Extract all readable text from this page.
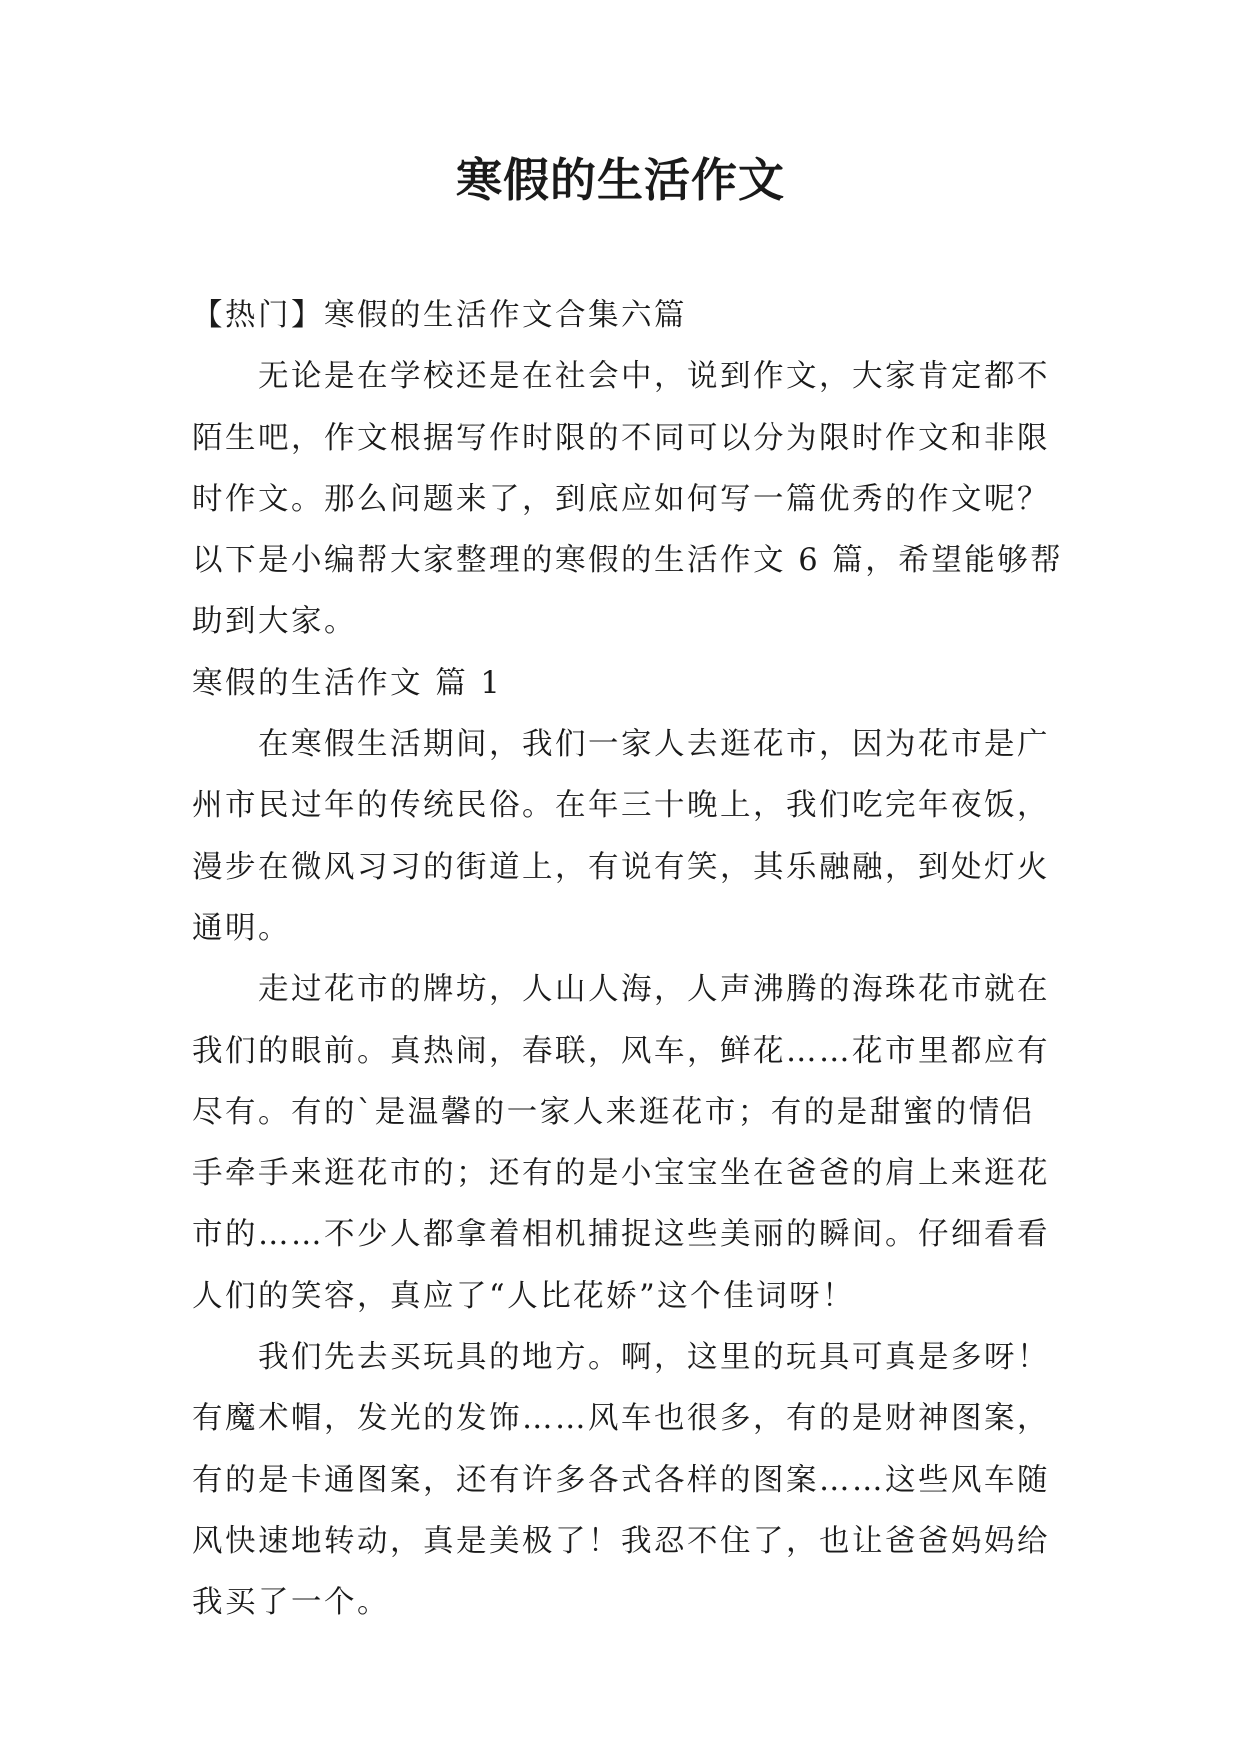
寒假的生活作文

【热门】寒假的生活作文合集六篇

无论是在学校还是在社会中，说到作文，大家肯定都不

陌生吧，作文根据写作时限的不同可以分为限时作文和非限

时作文。那么问题来了，到底应如何写一篇优秀的作文呢？

以下是小编帮大家整理的寒假的生活作文 6 篇，希望能够帮

助到大家。

寒假的生活作文 篇 1

在寒假生活期间，我们一家人去逛花市，因为花市是广

州市民过年的传统民俗。在年三十晚上，我们吃完年夜饭，

漫步在微风习习的街道上，有说有笑，其乐融融，到处灯火

通明。

走过花市的牌坊，人山人海，人声沸腾的海珠花市就在

我们的眼前。真热闹，春联，风车，鲜花……花市里都应有

尽有。有的`是温馨的一家人来逛花市；有的是甜蜜的情侣

手牵手来逛花市的；还有的是小宝宝坐在爸爸的肩上来逛花

市的……不少人都拿着相机捕捉这些美丽的瞬间。仔细看看

人们的笑容，真应了“人比花娇”这个佳词呀！

我们先去买玩具的地方。啊，这里的玩具可真是多呀！

有魔术帽，发光的发饰……风车也很多，有的是财神图案，

有的是卡通图案，还有许多各式各样的图案……这些风车随

风快速地转动，真是美极了！我忍不住了，也让爸爸妈妈给

我买了一个。
